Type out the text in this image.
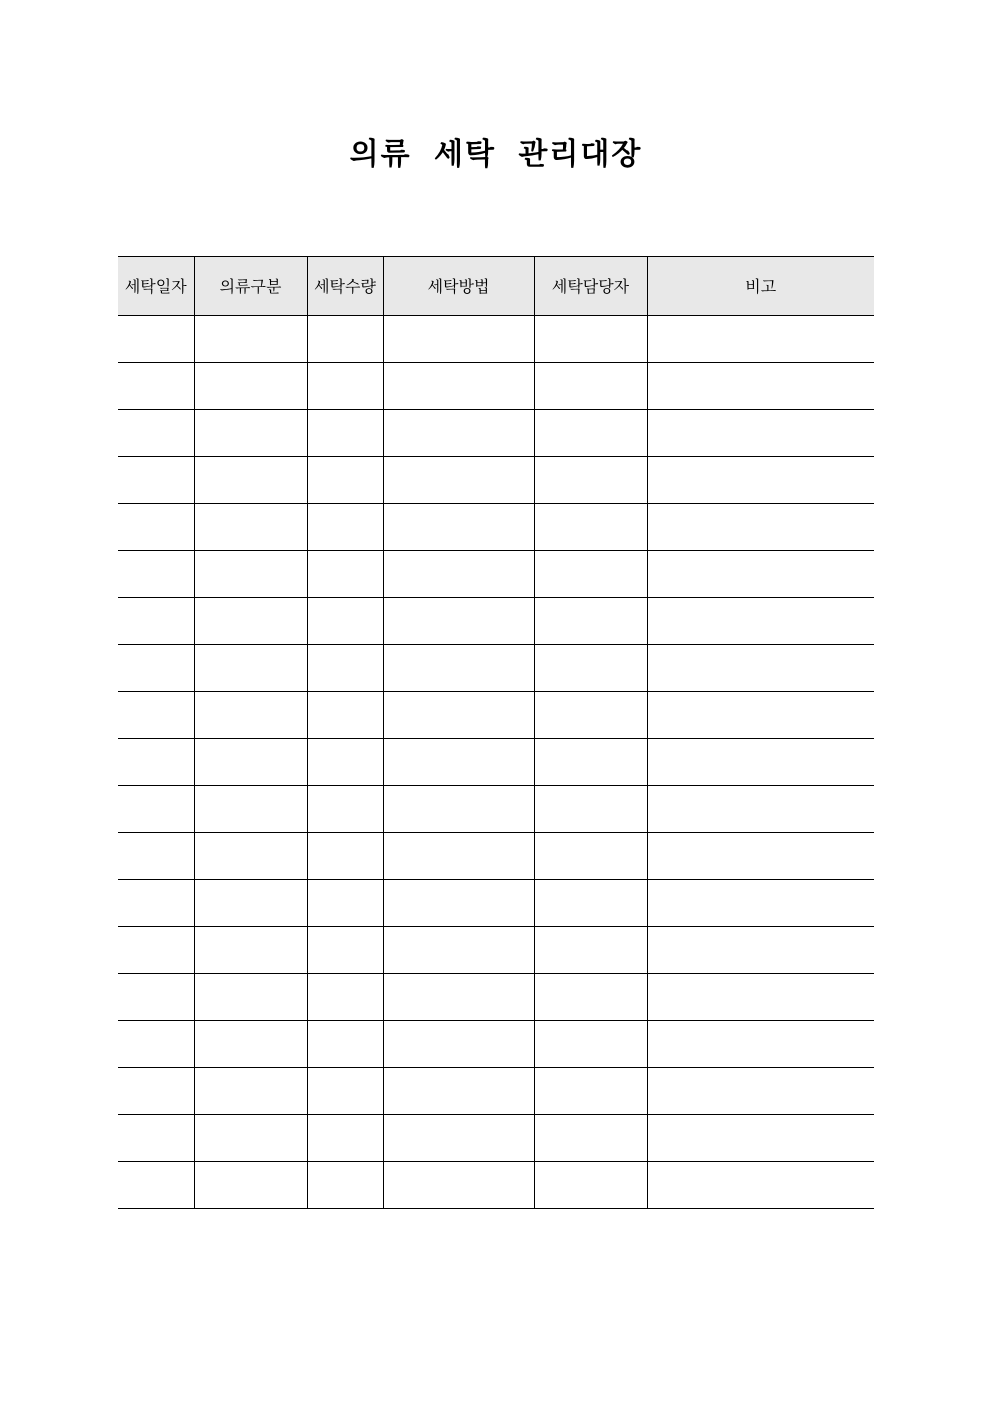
의류 세탁 관리대장
세탁일자	의류구분	세탁수량	세탁방법	세탁담당자	비고
